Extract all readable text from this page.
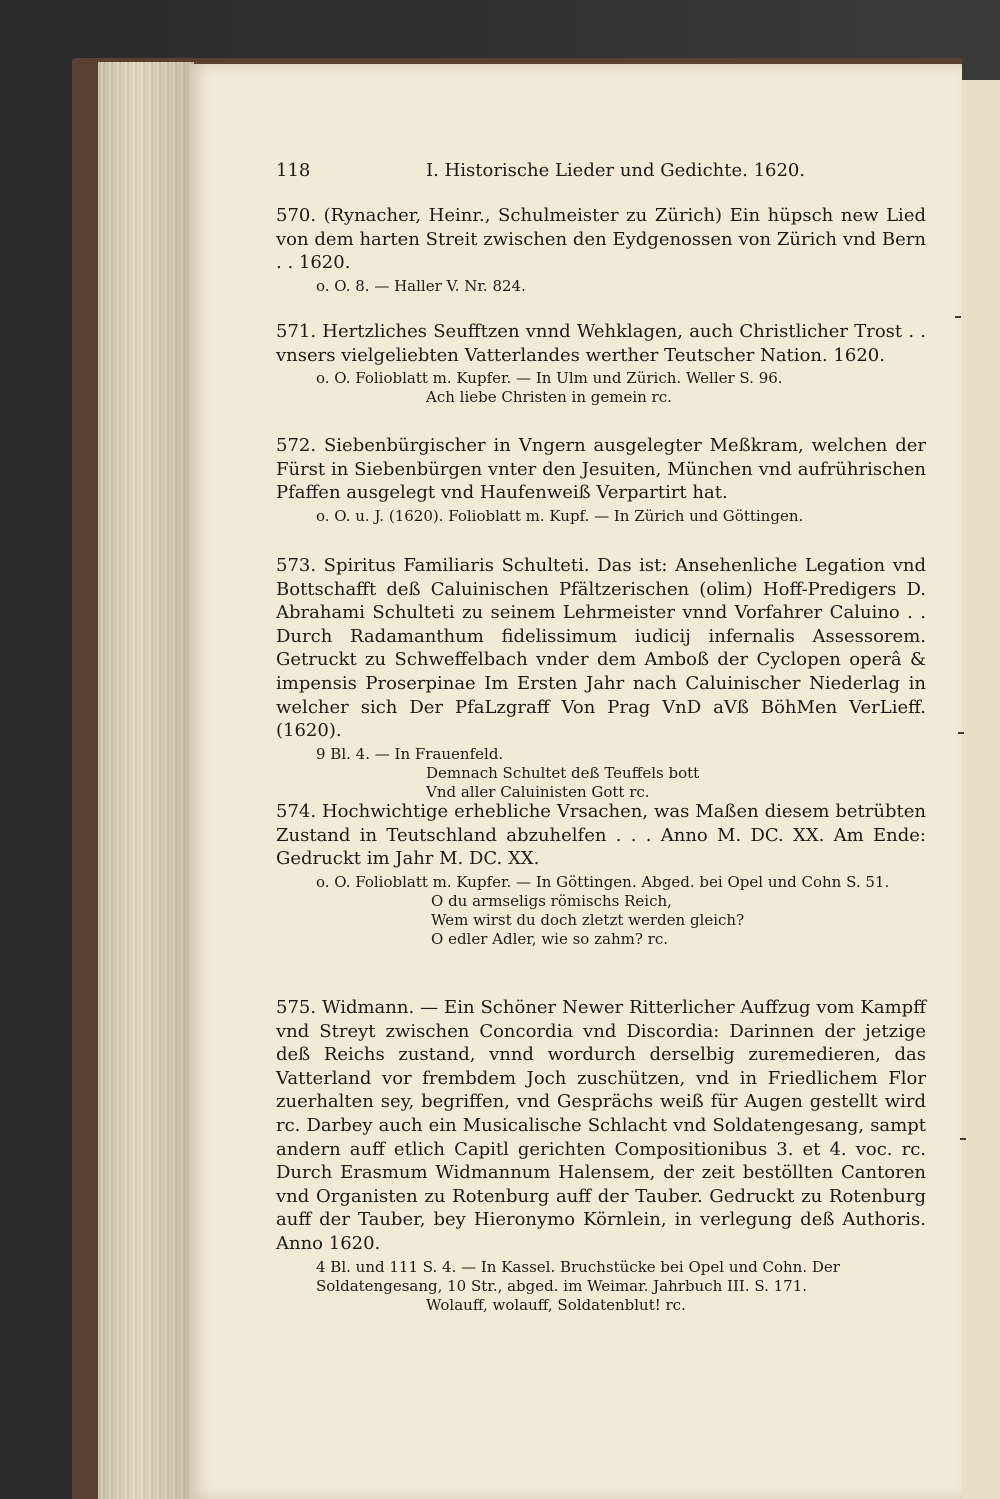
118	I. Historische Lieder und Gedichte. 1620.

570. (Rynacher, Heinr., Schulmeister zu Zürich) Ein hüpsch new Lied von dem harten Streit zwischen den Eydgenossen von Zürich vnd Bern . . 1620.

o. O. 8. — Haller V. Nr. 824.

571. Hertzliches Seufftzen vnnd Wehklagen, auch Christlicher Trost . . vnsers vielgeliebten Vatterlandes werther Teutscher Nation. 1620.

o. O. Folioblatt m. Kupfer. — In Ulm und Zürich. Weller S. 96.
Ach liebe Christen in gemein rc.

572. Siebenbürgischer in Vngern ausgelegter Meßkram, welchen der Fürst in Siebenbürgen vnter den Jesuiten, München vnd aufrührischen Pfaffen ausgelegt vnd Haufenweiß Verpartirt hat.

o. O. u. J. (1620). Folioblatt m. Kupf. — In Zürich und Göttingen.

573. Spiritus Familiaris Schulteti. Das ist: Ansehenliche Legation vnd Bottschafft deß Caluinischen Pfältzerischen (olim) Hoff-Predigers D. Abrahami Schulteti zu seinem Lehrmeister vnnd Vorfahrer Caluino . . Durch Radamanthum fidelissimum iudicij infernalis Assessorem. Getruckt zu Schweffelbach vnder dem Amboß der Cyclopen operâ & impensis Proserpinae Im Ersten Jahr nach Caluinischer Niederlag in welcher sich Der PfaLzgraff Von Prag VnD aVß BöhMen VerLieff. (1620).

9 Bl. 4. — In Frauenfeld.
Demnach Schultet deß Teuffels bott
Vnd aller Caluinisten Gott rc.

574. Hochwichtige erhebliche Vrsachen, was Maßen diesem betrübten Zustand in Teutschland abzuhelfen . . . Anno M. DC. XX. Am Ende: Gedruckt im Jahr M. DC. XX.

o. O. Folioblatt m. Kupfer. — In Göttingen. Abged. bei Opel und Cohn S. 51.
O du armseligs römischs Reich,
Wem wirst du doch zletzt werden gleich?
O edler Adler, wie so zahm? rc.

575. Widmann. — Ein Schöner Newer Ritterlicher Auffzug vom Kampff vnd Streyt zwischen Concordia vnd Discordia: Darinnen der jetzige deß Reichs zustand, vnnd wordurch derselbig zuremedieren, das Vatterland vor frembdem Joch zuschützen, vnd in Friedlichem Flor zuerhalten sey, begriffen, vnd Gesprächs weiß für Augen gestellt wird rc. Darbey auch ein Musicalische Schlacht vnd Soldatengesang, sampt andern auff etlich Capitl gerichten Compositionibus 3. et 4. voc. rc. Durch Erasmum Widmannum Halensem, der zeit bestöllten Cantoren vnd Organisten zu Rotenburg auff der Tauber. Gedruckt zu Rotenburg auff der Tauber, bey Hieronymo Körnlein, in verlegung deß Authoris. Anno 1620.

4 Bl. und 111 S. 4. — In Kassel. Bruchstücke bei Opel und Cohn. Der Soldatengesang, 10 Str., abged. im Weimar. Jahrbuch III. S. 171.
Wolauff, wolauff, Soldatenblut! rc.
